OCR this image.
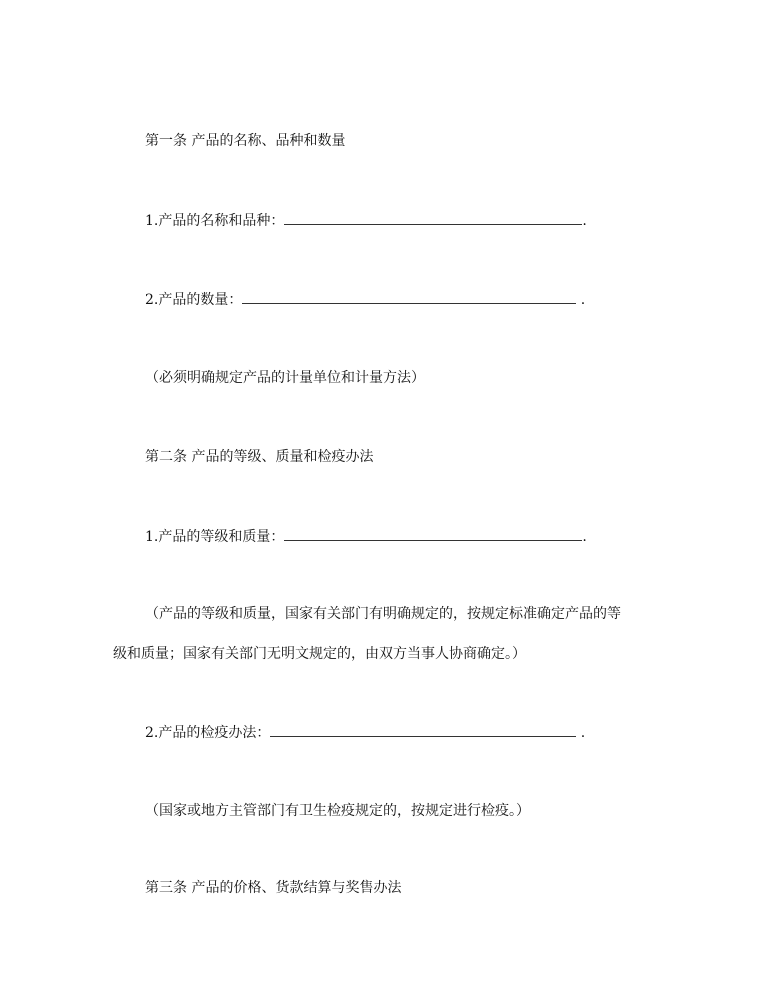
第一条 产品的名称、品种和数量
1.产品的名称和品种：	.
2.产品的数量：	.
（必须明确规定产品的计量单位和计量方法）
第二条 产品的等级、质量和检疫办法
1.产品的等级和质量：	.
（产品的等级和质量，国家有关部门有明确规定的，按规定标准确定产品的等
级和质量；国家有关部门无明文规定的，由双方当事人协商确定。）
2.产品的检疫办法：	.
（国家或地方主管部门有卫生检疫规定的，按规定进行检疫。）
第三条 产品的价格、货款结算与奖售办法
